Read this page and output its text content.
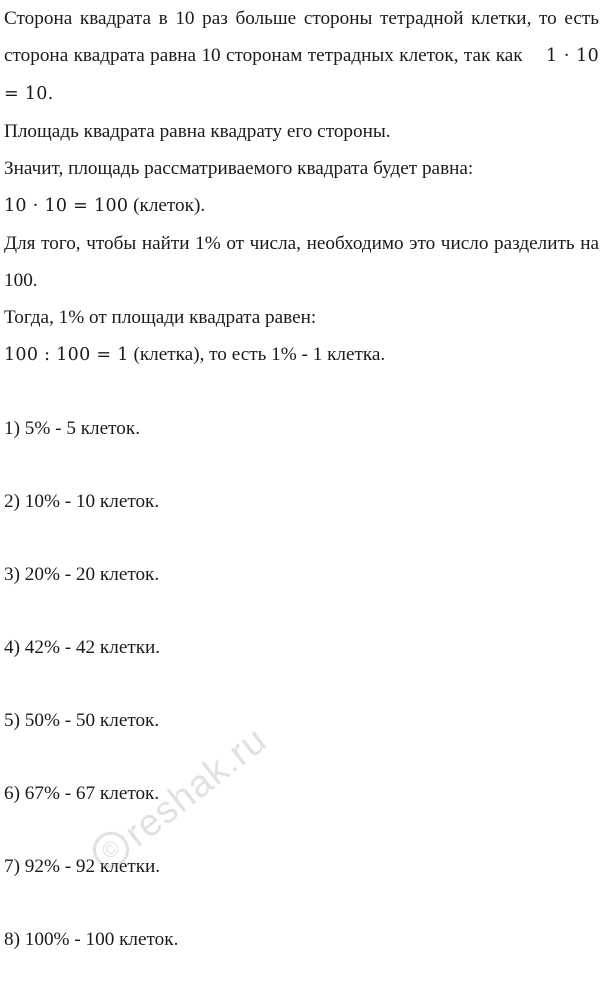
Сторона квадрата в 10 раз больше стороны тетрадной клетки, то есть сторона квадрата равна 10 сторонам тетрадных клеток, так как 1 · 10 = 10.

Площадь квадрата равна квадрату его стороны.

Значит, площадь рассматриваемого квадрата будет равна:

10 · 10 = 100 (клеток).

Для того, чтобы найти 1% от числа, необходимо это число разделить на 100.

Тогда, 1% от площади квадрата равен:

100 : 100 = 1 (клетка), то есть 1% - 1 клетка.

1) 5% - 5 клеток.

2) 10% - 10 клеток.

3) 20% - 20 клеток.

4) 42% - 42 клетки.

5) 50% - 50 клеток.

6) 67% - 67 клеток.

7) 92% - 92 клетки.

8) 100% - 100 клеток.

©
reshak.ru
